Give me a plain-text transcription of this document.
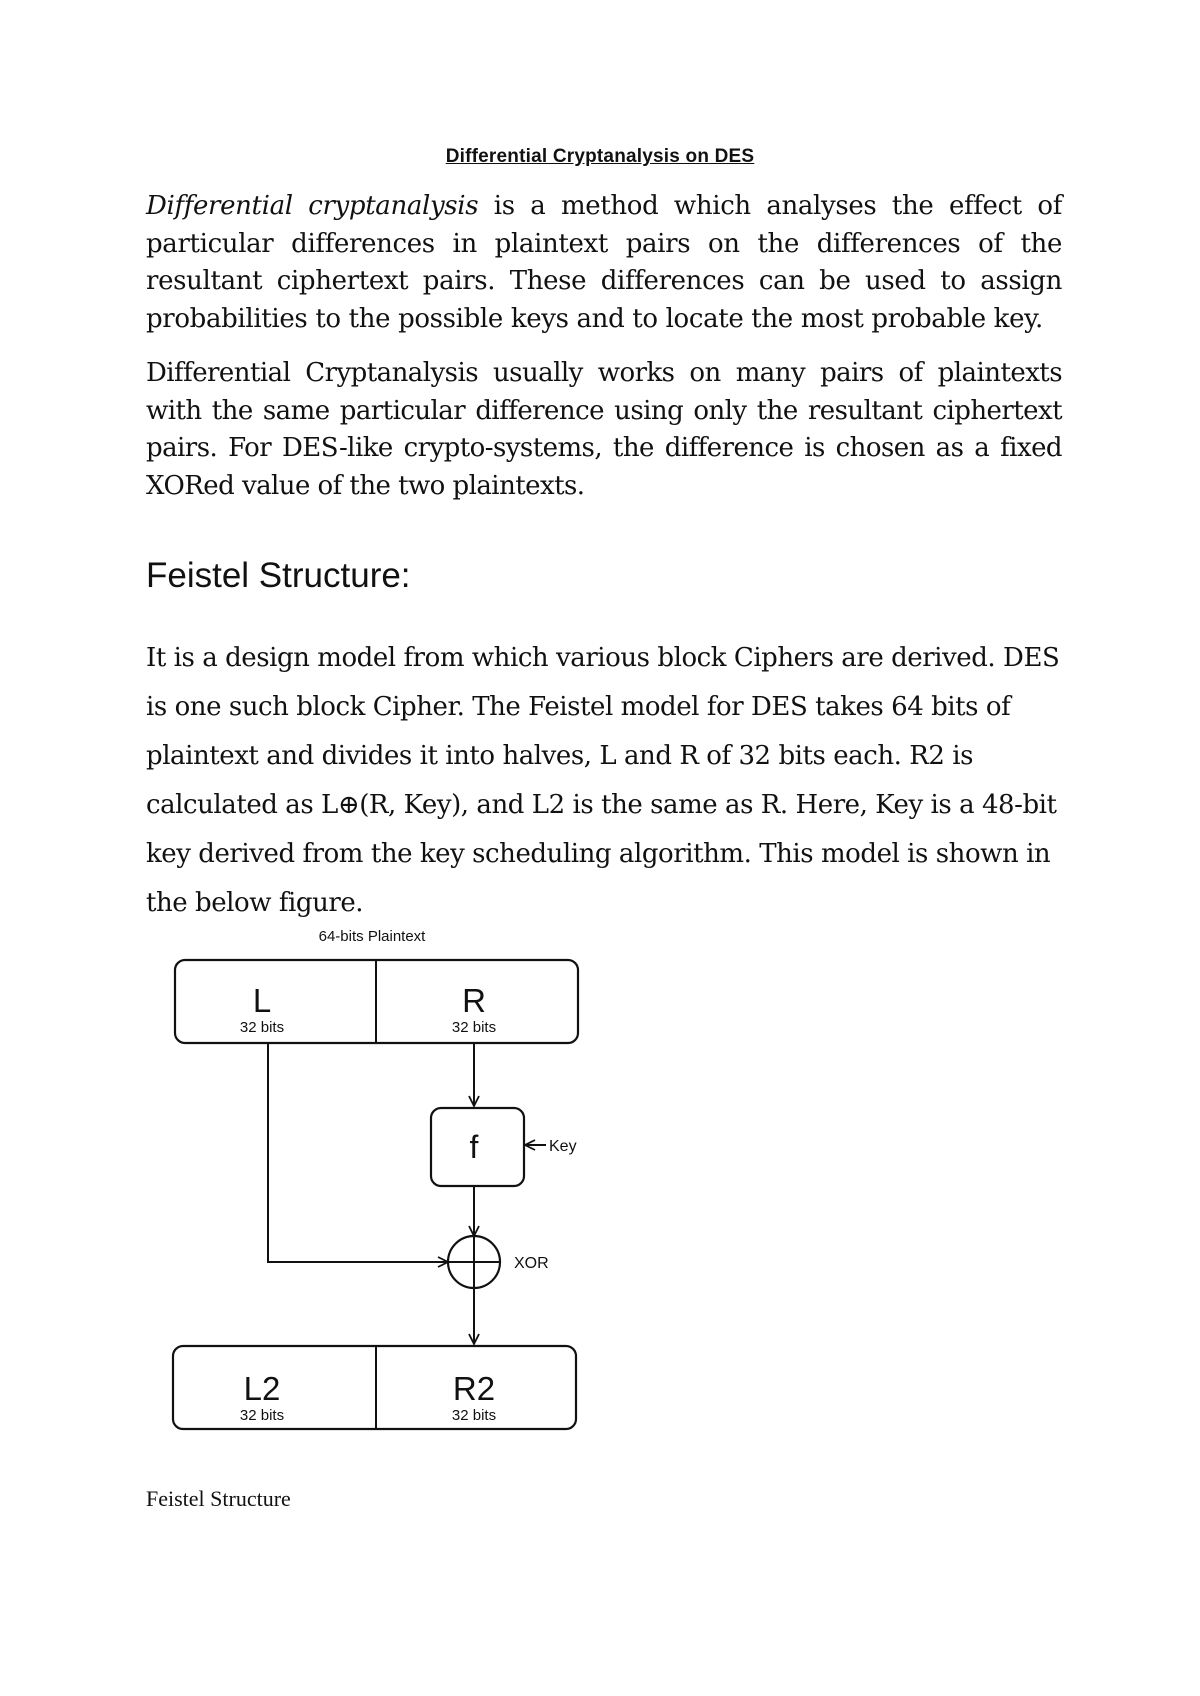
Differential Cryptanalysis on DES

Differential cryptanalysis is a method which analyses the effect of particular differences in plaintext pairs on the differences of the resultant ciphertext pairs. These differences can be used to assign probabilities to the possible keys and to locate the most probable key.

Differential Cryptanalysis usually works on many pairs of plaintexts with the same particular difference using only the resultant ciphertext pairs. For DES-like crypto-systems, the difference is chosen as a fixed XORed value of the two plaintexts.

Feistel Structure:

It is a design model from which various block Ciphers are derived. DES is one such block Cipher. The Feistel model for DES takes 64 bits of plaintext and divides it into halves, L and R of 32 bits each. R2 is calculated as L⊕(R, Key), and L2 is the same as R. Here, Key is a 48-bit key derived from the key scheduling algorithm. This model is shown in the below figure.

64-bits Plaintext
L
32 bits
R
32 bits
f	Key
XOR
L2
32 bits
R2
32 bits

Feistel Structure
